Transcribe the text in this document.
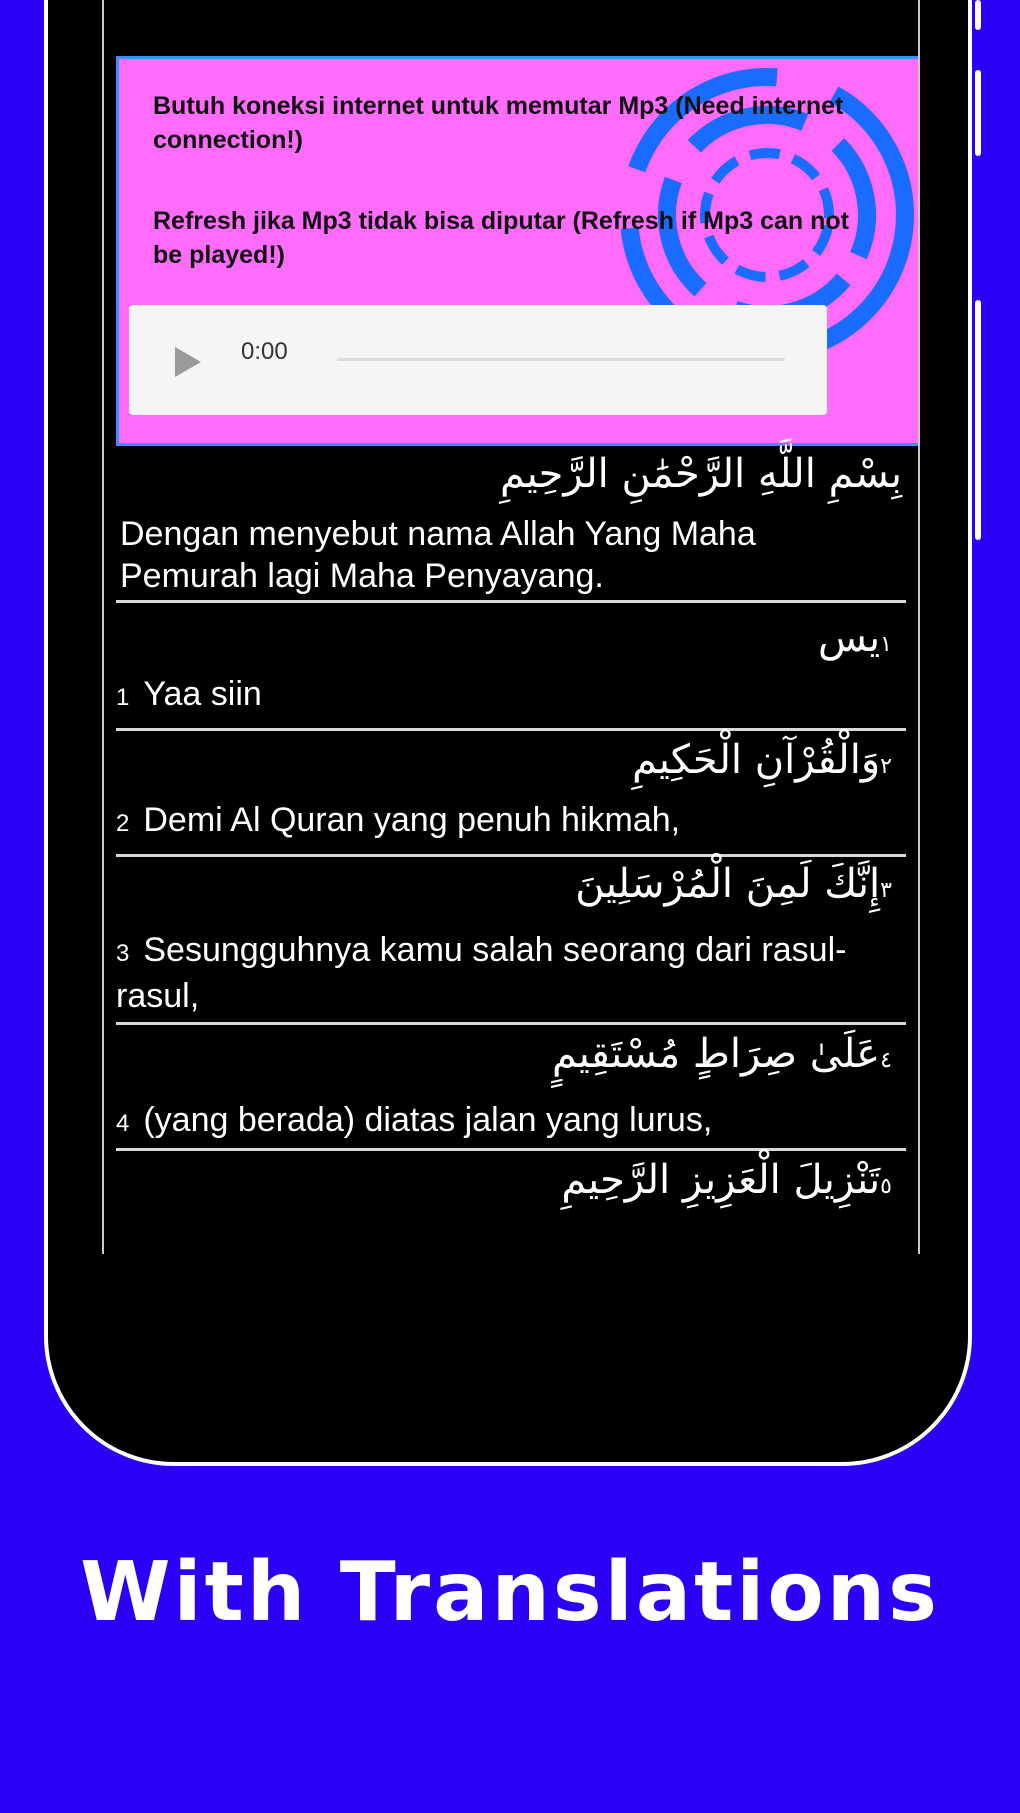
Butuh koneksi internet untuk memutar Mp3 (Need internet connection!)

Refresh jika Mp3 tidak bisa diputar (Refresh if Mp3 can not be played!)

0:00
بِسْمِ اللَّهِ الرَّحْمَٰنِ الرَّحِيمِ

Dengan menyebut nama Allah Yang Maha Pemurah lagi Maha Penyayang.

١يس

1 Yaa siin

٢وَالْقُرْآنِ الْحَكِيمِ

2 Demi Al Quran yang penuh hikmah,

٣إِنَّكَ لَمِنَ الْمُرْسَلِينَ

3 Sesungguhnya kamu salah seorang dari rasul-rasul,

٤عَلَىٰ صِرَاطٍ مُسْتَقِيمٍ

4 (yang berada) diatas jalan yang lurus,

٥تَنْزِيلَ الْعَزِيزِ الرَّحِيمِ
With Translations
